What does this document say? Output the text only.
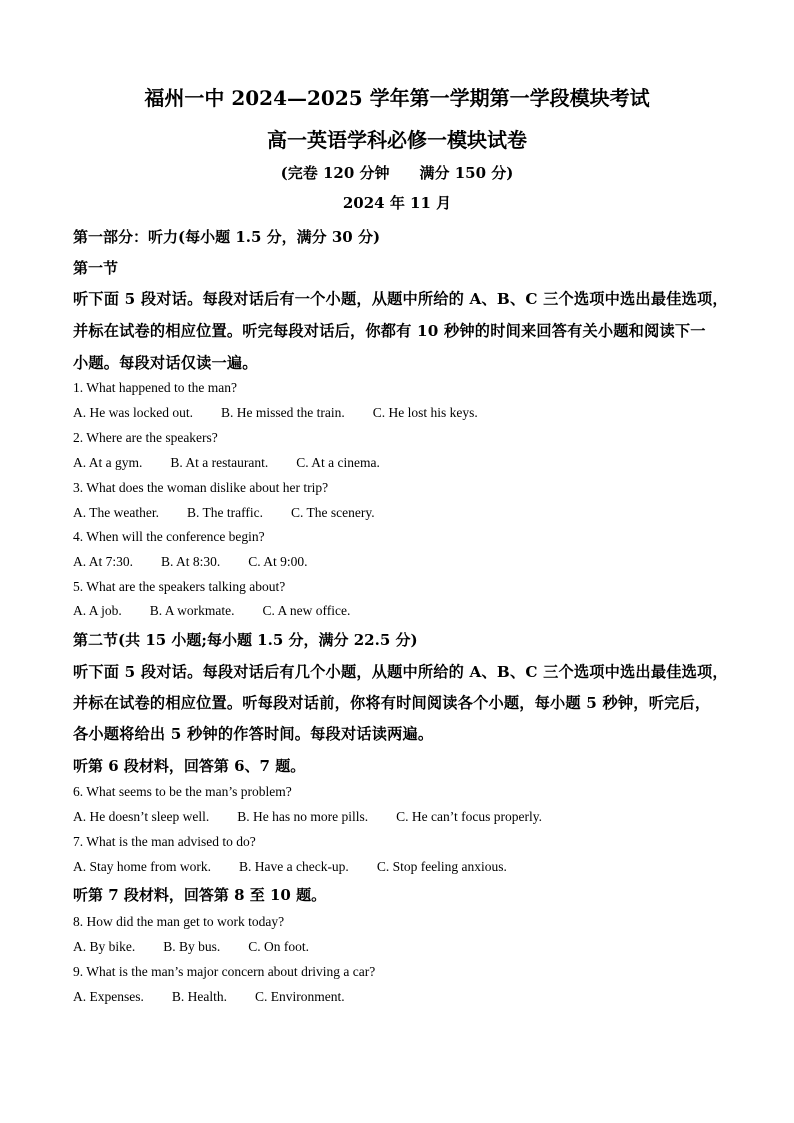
福州一中 2024—2025 学年第一学期第一学段模块考试
高一英语学科必修一模块试卷
(完卷 120 分钟　　满分 150 分)
2024 年 11 月
第一部分：听力(每小题 1.5 分，满分 30 分)
第一节
听下面 5 段对话。每段对话后有一个小题，从题中所给的 A、B、C 三个选项中选出最佳选项，
并标在试卷的相应位置。听完每段对话后，你都有 10 秒钟的时间来回答有关小题和阅读下一
小题。每段对话仅读一遍。
1. What happened to the man?
A. He was locked out. B. He missed the train. C. He lost his keys.
2. Where are the speakers?
A. At a gym. B. At a restaurant. C. At a cinema.
3. What does the woman dislike about her trip?
A. The weather. B. The traffic. C. The scenery.
4. When will the conference begin?
A. At 7:30. B. At 8:30. C. At 9:00.
5. What are the speakers talking about?
A. A job. B. A workmate. C. A new office.
第二节(共 15 小题;每小题 1.5 分，满分 22.5 分)
听下面 5 段对话。每段对话后有几个小题，从题中所给的 A、B、C 三个选项中选出最佳选项，
并标在试卷的相应位置。听每段对话前，你将有时间阅读各个小题，每小题 5 秒钟，听完后，
各小题将给出 5 秒钟的作答时间。每段对话读两遍。
听第 6 段材料，回答第 6、7 题。
6. What seems to be the man’s problem?
A. He doesn’t sleep well. B. He has no more pills. C. He can’t focus properly.
7. What is the man advised to do?
A. Stay home from work. B. Have a check-up. C. Stop feeling anxious.
听第 7 段材料，回答第 8 至 10 题。
8. How did the man get to work today?
A. By bike. B. By bus. C. On foot.
9. What is the man’s major concern about driving a car?
A. Expenses. B. Health. C. Environment.
